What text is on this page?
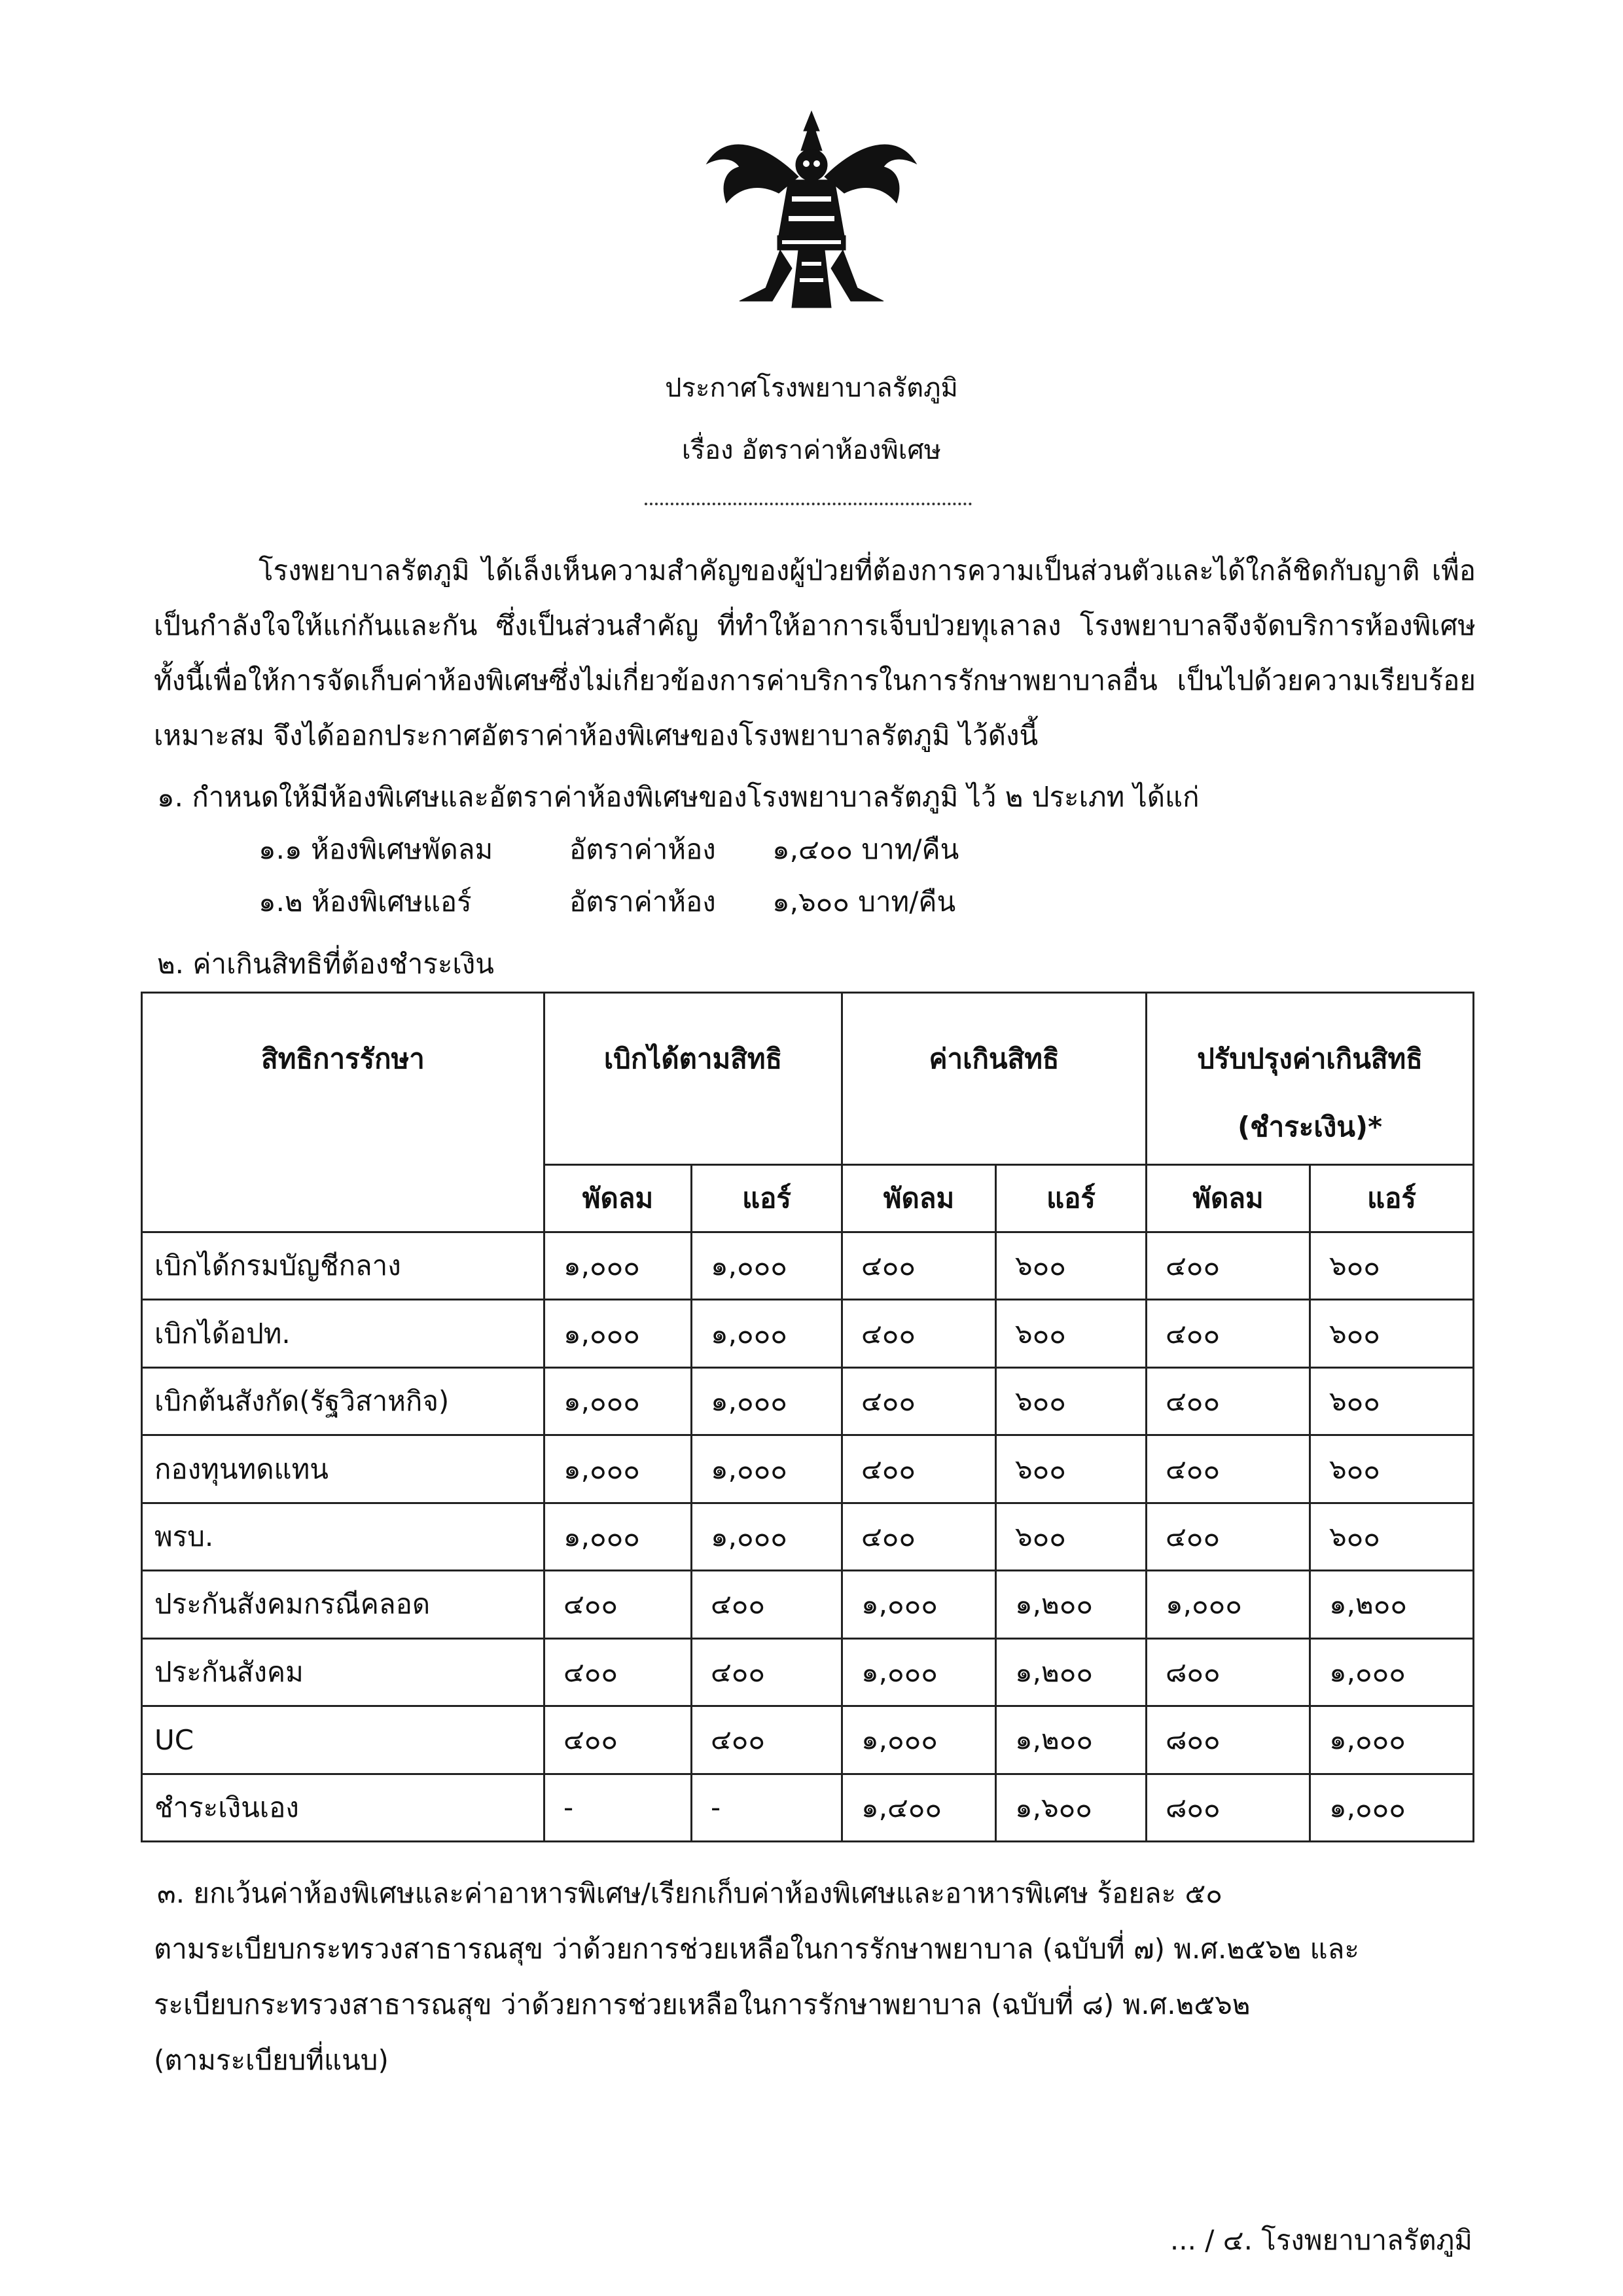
ประกาศโรงพยาบาลรัตภูมิ
เรื่อง อัตราค่าห้องพิเศษ

โรงพยาบาลรัตภูมิ ได้เล็งเห็นความสำคัญของผู้ป่วยที่ต้องการความเป็นส่วนตัวและได้ใกล้ชิดกับญาติ เพื่อเป็นกำลังใจให้แก่กันและกัน ซึ่งเป็นส่วนสำคัญ ที่ทำให้อาการเจ็บป่วยทุเลาลง โรงพยาบาลจึงจัดบริการห้องพิเศษ ทั้งนี้เพื่อให้การจัดเก็บค่าห้องพิเศษซึ่งไม่เกี่ยวข้องการค่าบริการในการรักษาพยาบาลอื่น เป็นไปด้วยความเรียบร้อยเหมาะสม จึงได้ออกประกาศอัตราค่าห้องพิเศษของโรงพยาบาลรัตภูมิ ไว้ดังนี้

๑. กำหนดให้มีห้องพิเศษและอัตราค่าห้องพิเศษของโรงพยาบาลรัตภูมิ ไว้ ๒ ประเภท ได้แก่
๑.๑ ห้องพิเศษพัดลม	อัตราค่าห้อง ๑,๔๐๐ บาท/คืน
๑.๒ ห้องพิเศษแอร์	อัตราค่าห้อง ๑,๖๐๐ บาท/คืน
๒. ค่าเกินสิทธิที่ต้องชำระเงิน
สิทธิการรักษา	เบิกได้ตามสิทธิ		ค่าเกินสิทธิ		ปรับปรุงค่าเกินสิทธิ
(ชำระเงิน)*	
	พัดลม	แอร์	พัดลม	แอร์	พัดลม	แอร์
เบิกได้กรมบัญชีกลาง	๑,๐๐๐	๑,๐๐๐	๔๐๐	๖๐๐	๔๐๐	๖๐๐
เบิกได้อปท.	๑,๐๐๐	๑,๐๐๐	๔๐๐	๖๐๐	๔๐๐	๖๐๐
เบิกต้นสังกัด(รัฐวิสาหกิจ)	๑,๐๐๐	๑,๐๐๐	๔๐๐	๖๐๐	๔๐๐	๖๐๐
กองทุนทดแทน	๑,๐๐๐	๑,๐๐๐	๔๐๐	๖๐๐	๔๐๐	๖๐๐
พรบ.	๑,๐๐๐	๑,๐๐๐	๔๐๐	๖๐๐	๔๐๐	๖๐๐
ประกันสังคมกรณีคลอด	๔๐๐	๔๐๐	๑,๐๐๐	๑,๒๐๐	๑,๐๐๐	๑,๒๐๐
ประกันสังคม	๔๐๐	๔๐๐	๑,๐๐๐	๑,๒๐๐	๘๐๐	๑,๐๐๐
UC	๔๐๐	๔๐๐	๑,๐๐๐	๑,๒๐๐	๘๐๐	๑,๐๐๐
ชำระเงินเอง	-	-	๑,๔๐๐	๑,๖๐๐	๘๐๐	๑,๐๐๐
๓. ยกเว้นค่าห้องพิเศษและค่าอาหารพิเศษ/เรียกเก็บค่าห้องพิเศษและอาหารพิเศษ ร้อยละ ๕๐
ตามระเบียบกระทรวงสาธารณสุข ว่าด้วยการช่วยเหลือในการรักษาพยาบาล (ฉบับที่ ๗) พ.ศ.๒๕๖๒ และ
ระเบียบกระทรวงสาธารณสุข ว่าด้วยการช่วยเหลือในการรักษาพยาบาล (ฉบับที่ ๘) พ.ศ.๒๕๖๒
(ตามระเบียบที่แนบ)
... / ๔. โรงพยาบาลรัตภูมิ
